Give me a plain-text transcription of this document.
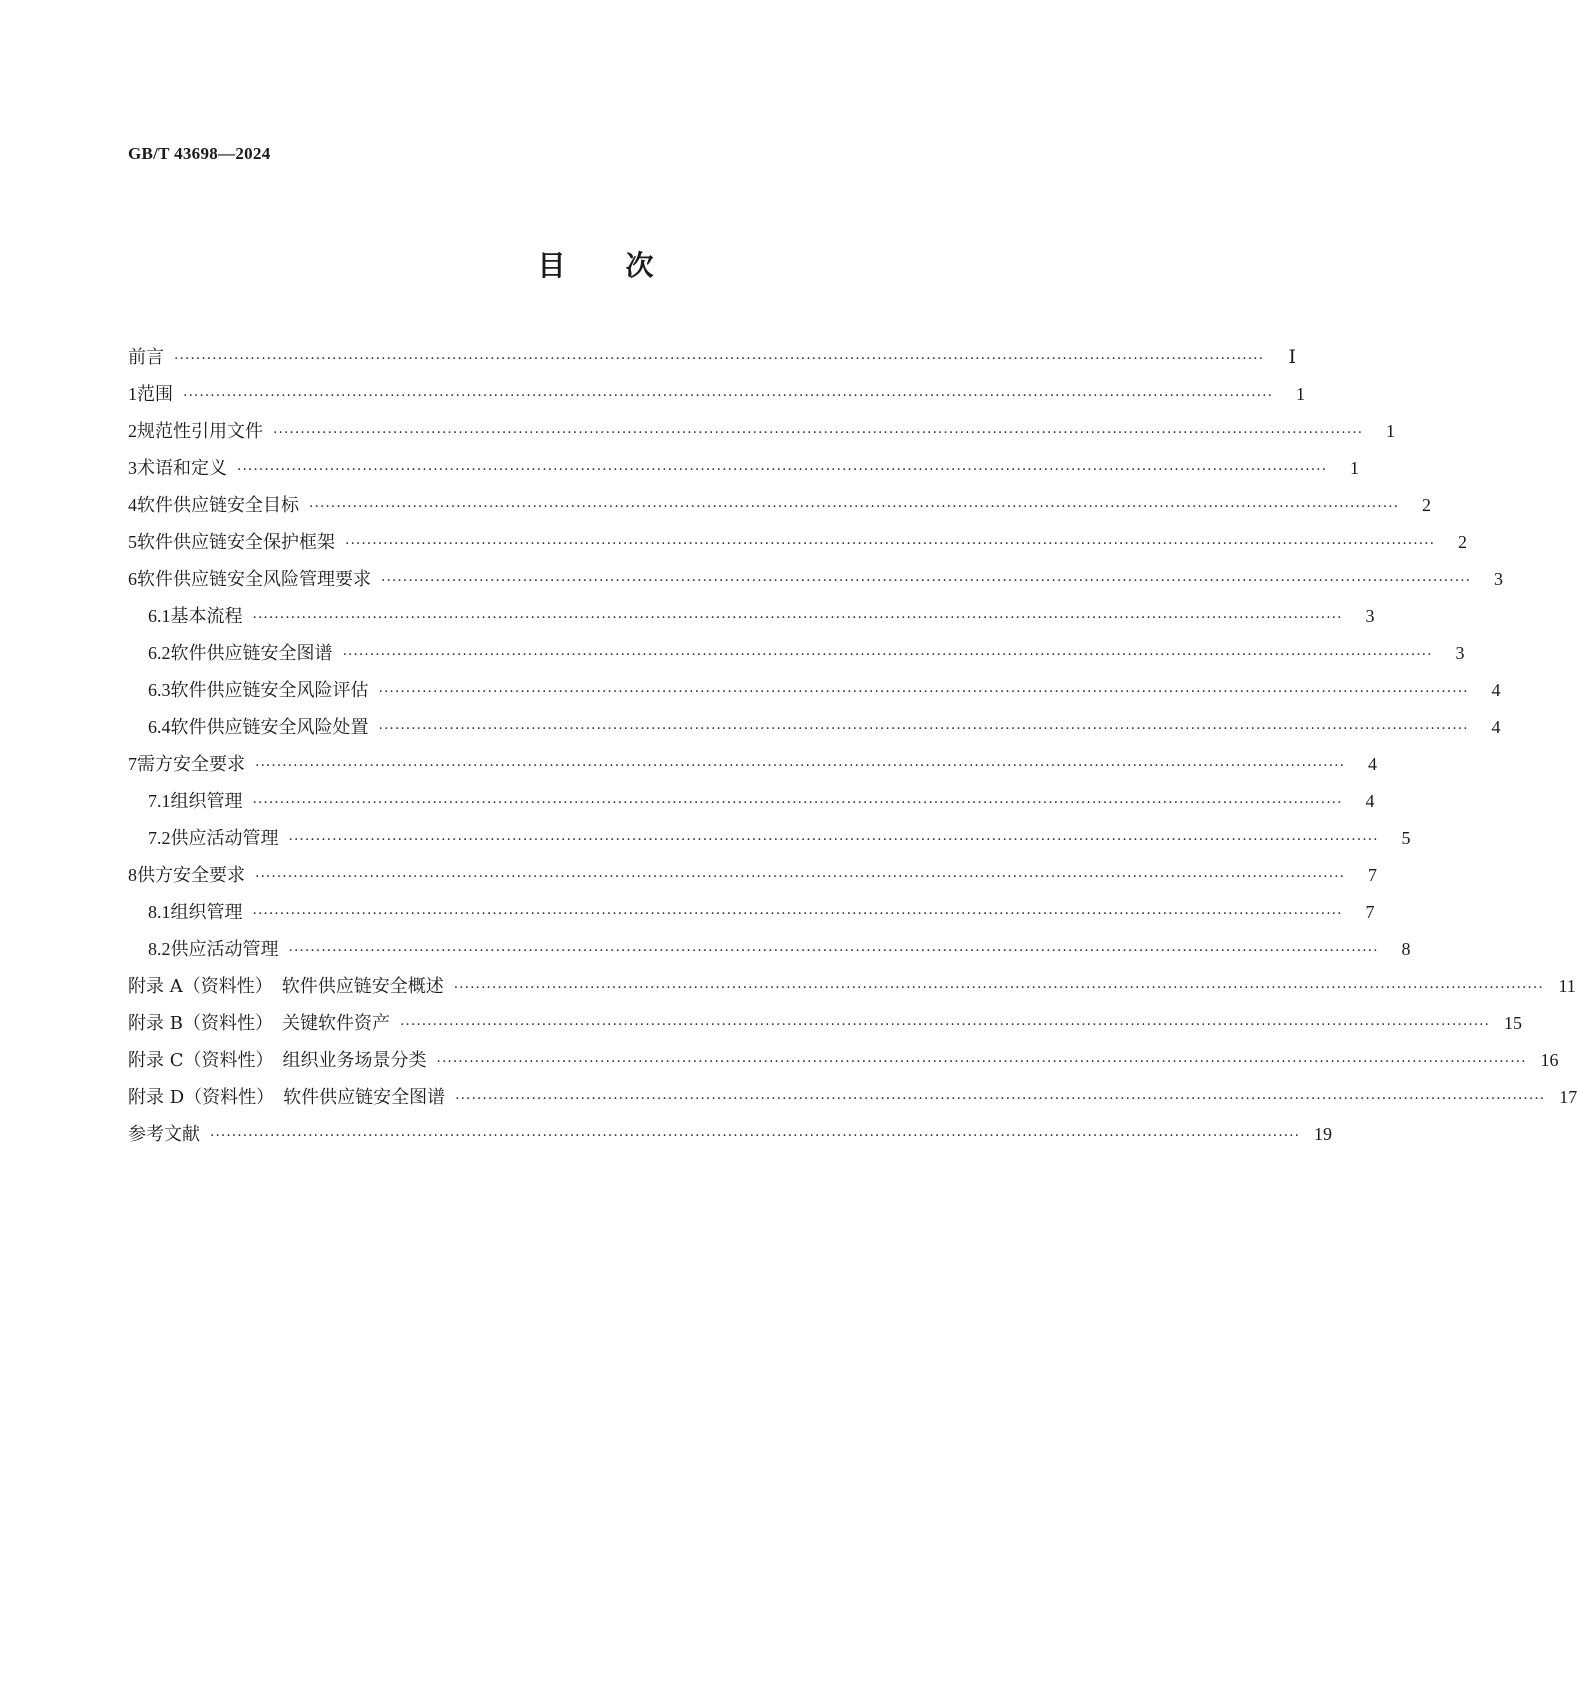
GB/T 43698—2024
目 次
前言 ········································································································································································································	Ⅰ
1 范围 ········································································································································································································	1
2 规范性引用文件 ········································································································································································································	1
3 术语和定义 ········································································································································································································	1
4 软件供应链安全目标 ········································································································································································································	2
5 软件供应链安全保护框架 ········································································································································································································	2
6 软件供应链安全风险管理要求 ········································································································································································································	3
6.1 基本流程 ········································································································································································································	3
6.2 软件供应链安全图谱 ········································································································································································································	3
6.3 软件供应链安全风险评估 ········································································································································································································	4
6.4 软件供应链安全风险处置 ········································································································································································································	4
7 需方安全要求 ········································································································································································································	4
7.1 组织管理 ········································································································································································································	4
7.2 供应活动管理 ········································································································································································································	5
8 供方安全要求 ········································································································································································································	7
8.1 组织管理 ········································································································································································································	7
8.2 供应活动管理 ········································································································································································································	8
附录 A（资料性）　软件供应链安全概述 ········································································································································································································ 11
附录 B（资料性）　关键软件资产 ········································································································································································································ 15
附录 C（资料性）　组织业务场景分类 ········································································································································································································ 16
附录 D（资料性）　软件供应链安全图谱 ········································································································································································································ 17
参考文献 ········································································································································································································ 19
